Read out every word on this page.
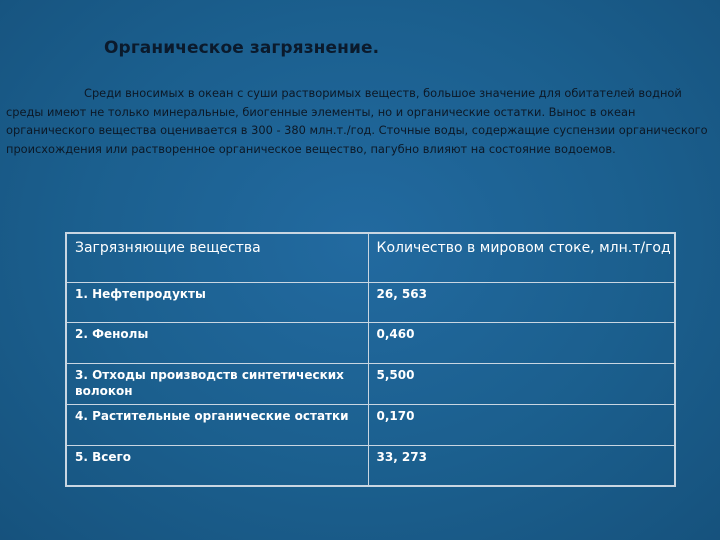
Органическое загрязнение.

Среди вносимых в океан с суши растворимых веществ, большое значение для обитателей водной среды имеют не только минеральные, биогенные элементы, но и органические остатки. Вынос в океан органического вещества оценивается в 300 - 380 млн.т./год. Сточные воды, содержащие суспензии органического происхождения или растворенное органическое вещество, пагубно влияют на состояние водоемов.

Загрязняющие вещества	Количество в мировом стоке, млн.т/год
1. Нефтепродукты	26, 563
2. Фенолы	0,460
3. Отходы производств синтетических волокон	5,500
4. Растительные органические остатки	0,170
5. Всего	33, 273
